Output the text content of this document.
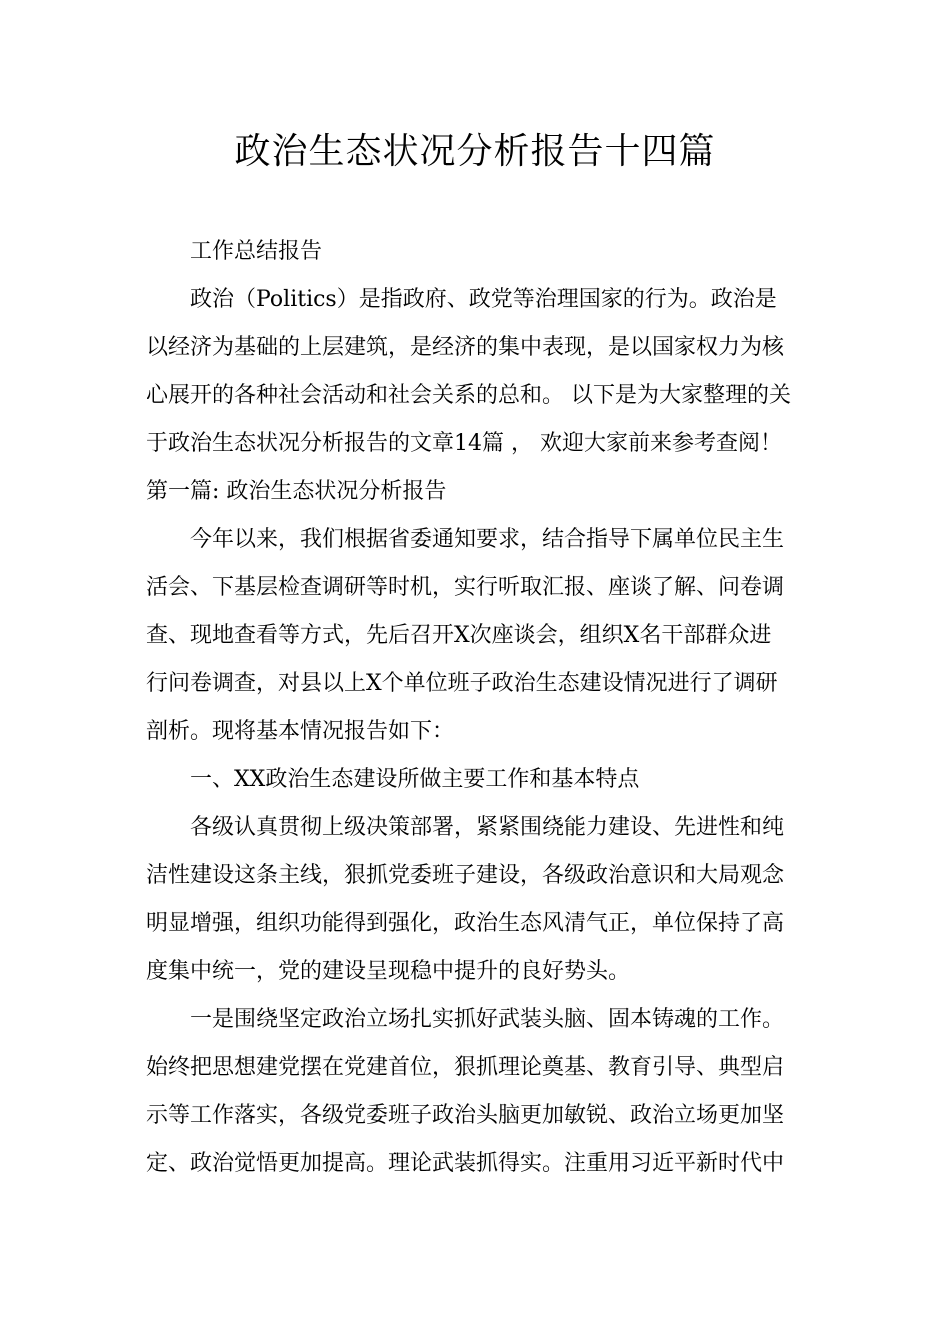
政治生态状况分析报告十四篇
工作总结报告
政治（Politics）是指政府、政党等治理国家的行为。政治是
以经济为基础的上层建筑，是经济的集中表现，是以国家权力为核
心展开的各种社会活动和社会关系的总和。 以下是为大家整理的关
于政治生态状况分析报告的文章14篇 ， 欢迎大家前来参考查阅！
第一篇: 政治生态状况分析报告
今年以来，我们根据省委通知要求，结合指导下属单位民主生
活会、下基层检查调研等时机，实行听取汇报、座谈了解、问卷调
查、现地查看等方式，先后召开X次座谈会，组织X名干部群众进
行问卷调查，对县以上X个单位班子政治生态建设情况进行了调研
剖析。现将基本情况报告如下：
一、XX政治生态建设所做主要工作和基本特点
各级认真贯彻上级决策部署，紧紧围绕能力建设、先进性和纯
洁性建设这条主线，狠抓党委班子建设，各级政治意识和大局观念
明显增强，组织功能得到强化，政治生态风清气正，单位保持了高
度集中统一，党的建设呈现稳中提升的良好势头。
一是围绕坚定政治立场扎实抓好武装头脑、固本铸魂的工作。
始终把思想建党摆在党建首位，狠抓理论奠基、教育引导、典型启
示等工作落实，各级党委班子政治头脑更加敏锐、政治立场更加坚
定、政治觉悟更加提高。理论武装抓得实。注重用习近平新时代中
